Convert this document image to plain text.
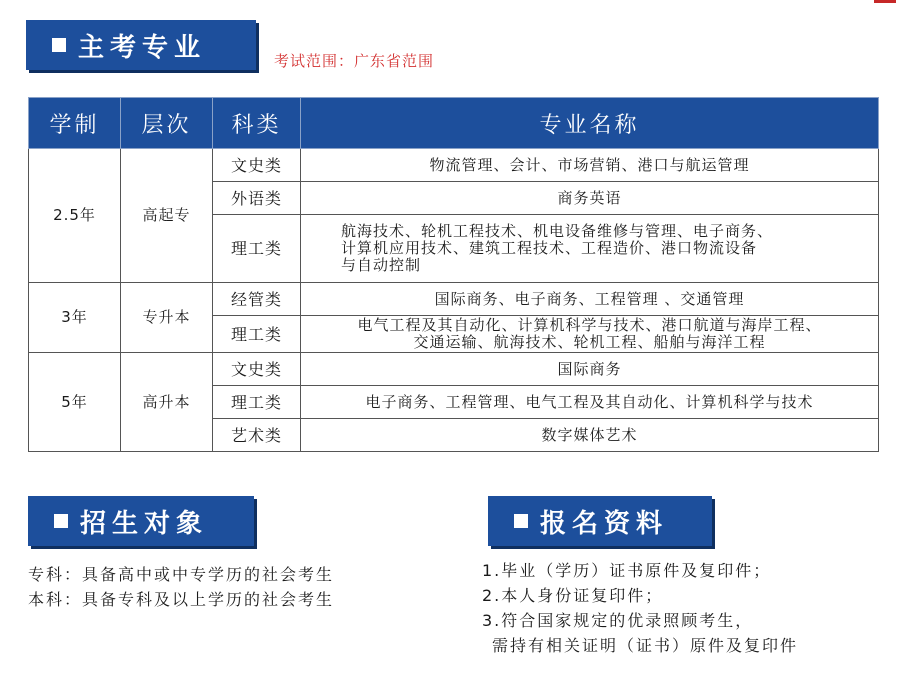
主考专业	考试范围：广东省范围
学制	层次	科类	专业名称
2.5年	高起专	文史类	物流管理、会计、市场营销、港口与航运管理

		外语类	商务英语

		理工类	航海技术、轮机工程技术、机电设备维修与管理、电子商务、
计算机应用技术、建筑工程技术、工程造价、港口物流设备
与自动控制

3年	专升本	经管类	国际商务、电子商务、工程管理 、交通管理

		理工类	电气工程及其自动化、计算机科学与技术、港口航道与海岸工程、
交通运输、航海技术、轮机工程、船舶与海洋工程

5年	高升本	文史类	国际商务

		理工类	电子商务、工程管理、电气工程及其自动化、计算机科学与技术

		艺术类	数字媒体艺术
招生对象	报名资料
专科：具备高中或中专学历的社会考生
本科：具备专科及以上学历的社会考生
1.毕业（学历）证书原件及复印件；
2.本人身份证复印件；
3.符合国家规定的优录照顾考生，
需持有相关证明（证书）原件及复印件
